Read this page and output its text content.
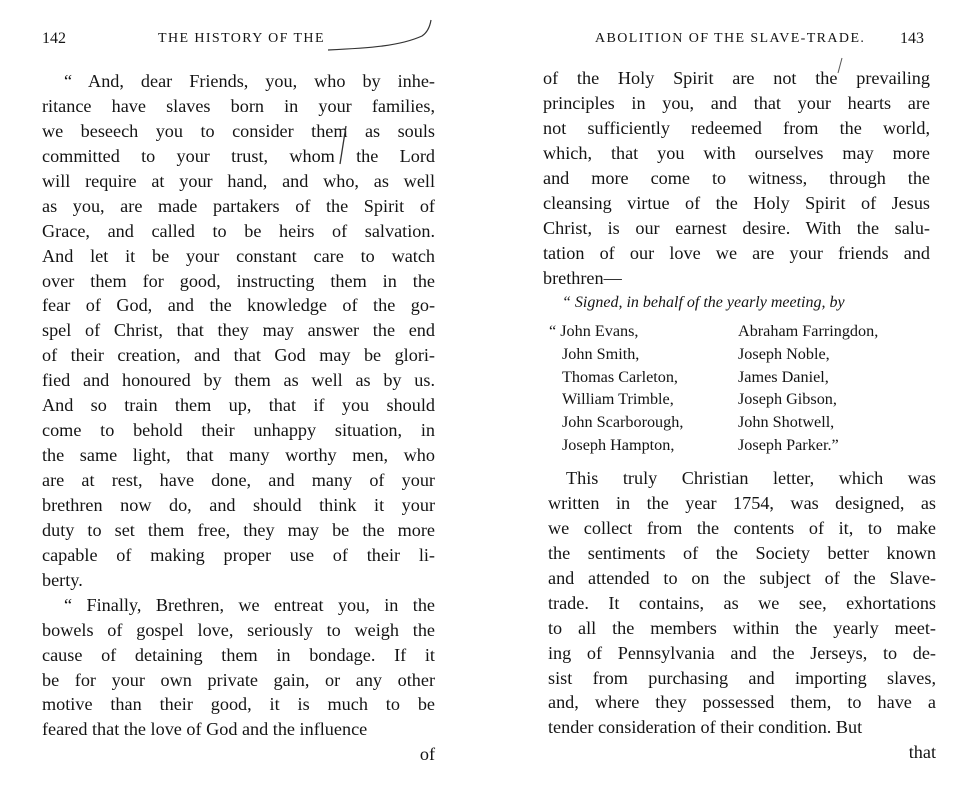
142	THE HISTORY OF THE
“ And, dear Friends, you, who by inhe-
ritance have slaves born in your families,
we beseech you to consider them as souls
committed to your trust, whom the Lord
will require at your hand, and who, as well
as you, are made partakers of the Spirit of
Grace, and called to be heirs of salvation.
And let it be your constant care to watch
over them for good, instructing them in the
fear of God, and the knowledge of the go-
spel of Christ, that they may answer the end
of their creation, and that God may be glori-
fied and honoured by them as well as by us.
And so train them up, that if you should
come to behold their unhappy situation, in
the same light, that many worthy men, who
are at rest, have done, and many of your
brethren now do, and should think it your
duty to set them free, they may be the more
capable of making proper use of their li-
berty.
“ Finally, Brethren, we entreat you, in the
bowels of gospel love, seriously to weigh the
cause of detaining them in bondage. If it
be for your own private gain, or any other
motive than their good, it is much to be
feared that the love of God and the influence
of
ABOLITION OF THE SLAVE-TRADE. 143
of the Holy Spirit are not the prevailing
principles in you, and that your hearts are
not sufficiently redeemed from the world,
which, that you with ourselves may more
and more come to witness, through the
cleansing virtue of the Holy Spirit of Jesus
Christ, is our earnest desire. With the salu-
tation of our love we are your friends and
brethren—
“ Signed, in behalf of the yearly meeting, by
“ John Evans,
John Smith,
Thomas Carleton,
William Trimble,
John Scarborough,
Joseph Hampton,
Abraham Farringdon,
Joseph Noble,
James Daniel,
Joseph Gibson,
John Shotwell,
Joseph Parker.”
This truly Christian letter, which was
written in the year 1754, was designed, as
we collect from the contents of it, to make
the sentiments of the Society better known
and attended to on the subject of the Slave-
trade. It contains, as we see, exhortations
to all the members within the yearly meet-
ing of Pennsylvania and the Jerseys, to de-
sist from purchasing and importing slaves,
and, where they possessed them, to have a
tender consideration of their condition. But
that
